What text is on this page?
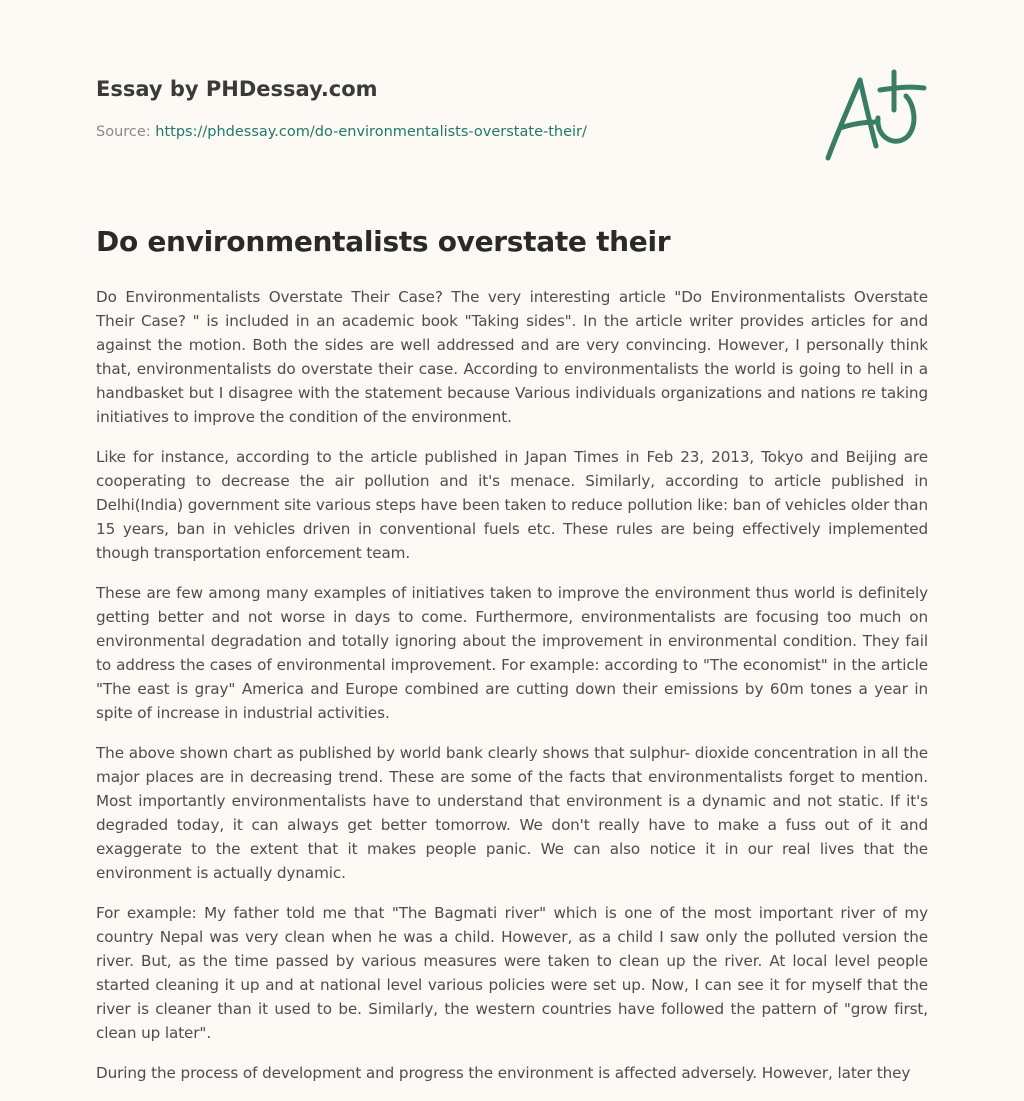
Essay by PHDessay.com

Source: https://phdessay.com/do-environmentalists-overstate-their/

Do environmentalists overstate their

Do Environmentalists Overstate Their Case? The very interesting article "Do Environmentalists Overstate Their Case? " is included in an academic book "Taking sides". In the article writer provides articles for and against the motion. Both the sides are well addressed and are very convincing. However, I personally think that, environmentalists do overstate their case. According to environmentalists the world is going to hell in a handbasket but I disagree with the statement because Various individuals organizations and nations re taking initiatives to improve the condition of the environment.

Like for instance, according to the article published in Japan Times in Feb 23, 2013, Tokyo and Beijing are cooperating to decrease the air pollution and it's menace. Similarly, according to article published in Delhi(India) government site various steps have been taken to reduce pollution like: ban of vehicles older than 15 years, ban in vehicles driven in conventional fuels etc. These rules are being effectively implemented though transportation enforcement team.

These are few among many examples of initiatives taken to improve the environment thus world is definitely getting better and not worse in days to come. Furthermore, environmentalists are focusing too much on environmental degradation and totally ignoring about the improvement in environmental condition. They fail to address the cases of environmental improvement. For example: according to "The economist" in the article "The east is gray" America and Europe combined are cutting down their emissions by 60m tones a year in spite of increase in industrial activities.

The above shown chart as published by world bank clearly shows that sulphur- dioxide concentration in all the major places are in decreasing trend. These are some of the facts that environmentalists forget to mention. Most importantly environmentalists have to understand that environment is a dynamic and not static. If it's degraded today, it can always get better tomorrow. We don't really have to make a fuss out of it and exaggerate to the extent that it makes people panic. We can also notice it in our real lives that the environment is actually dynamic.

For example: My father told me that "The Bagmati river" which is one of the most important river of my country Nepal was very clean when he was a child. However, as a child I saw only the polluted version the river. But, as the time passed by various measures were taken to clean up the river. At local level people started cleaning it up and at national level various policies were set up. Now, I can see it for myself that the river is cleaner than it used to be. Similarly, the western countries have followed the pattern of "grow first, clean up later".

During the process of development and progress the environment is affected adversely. However, later they
